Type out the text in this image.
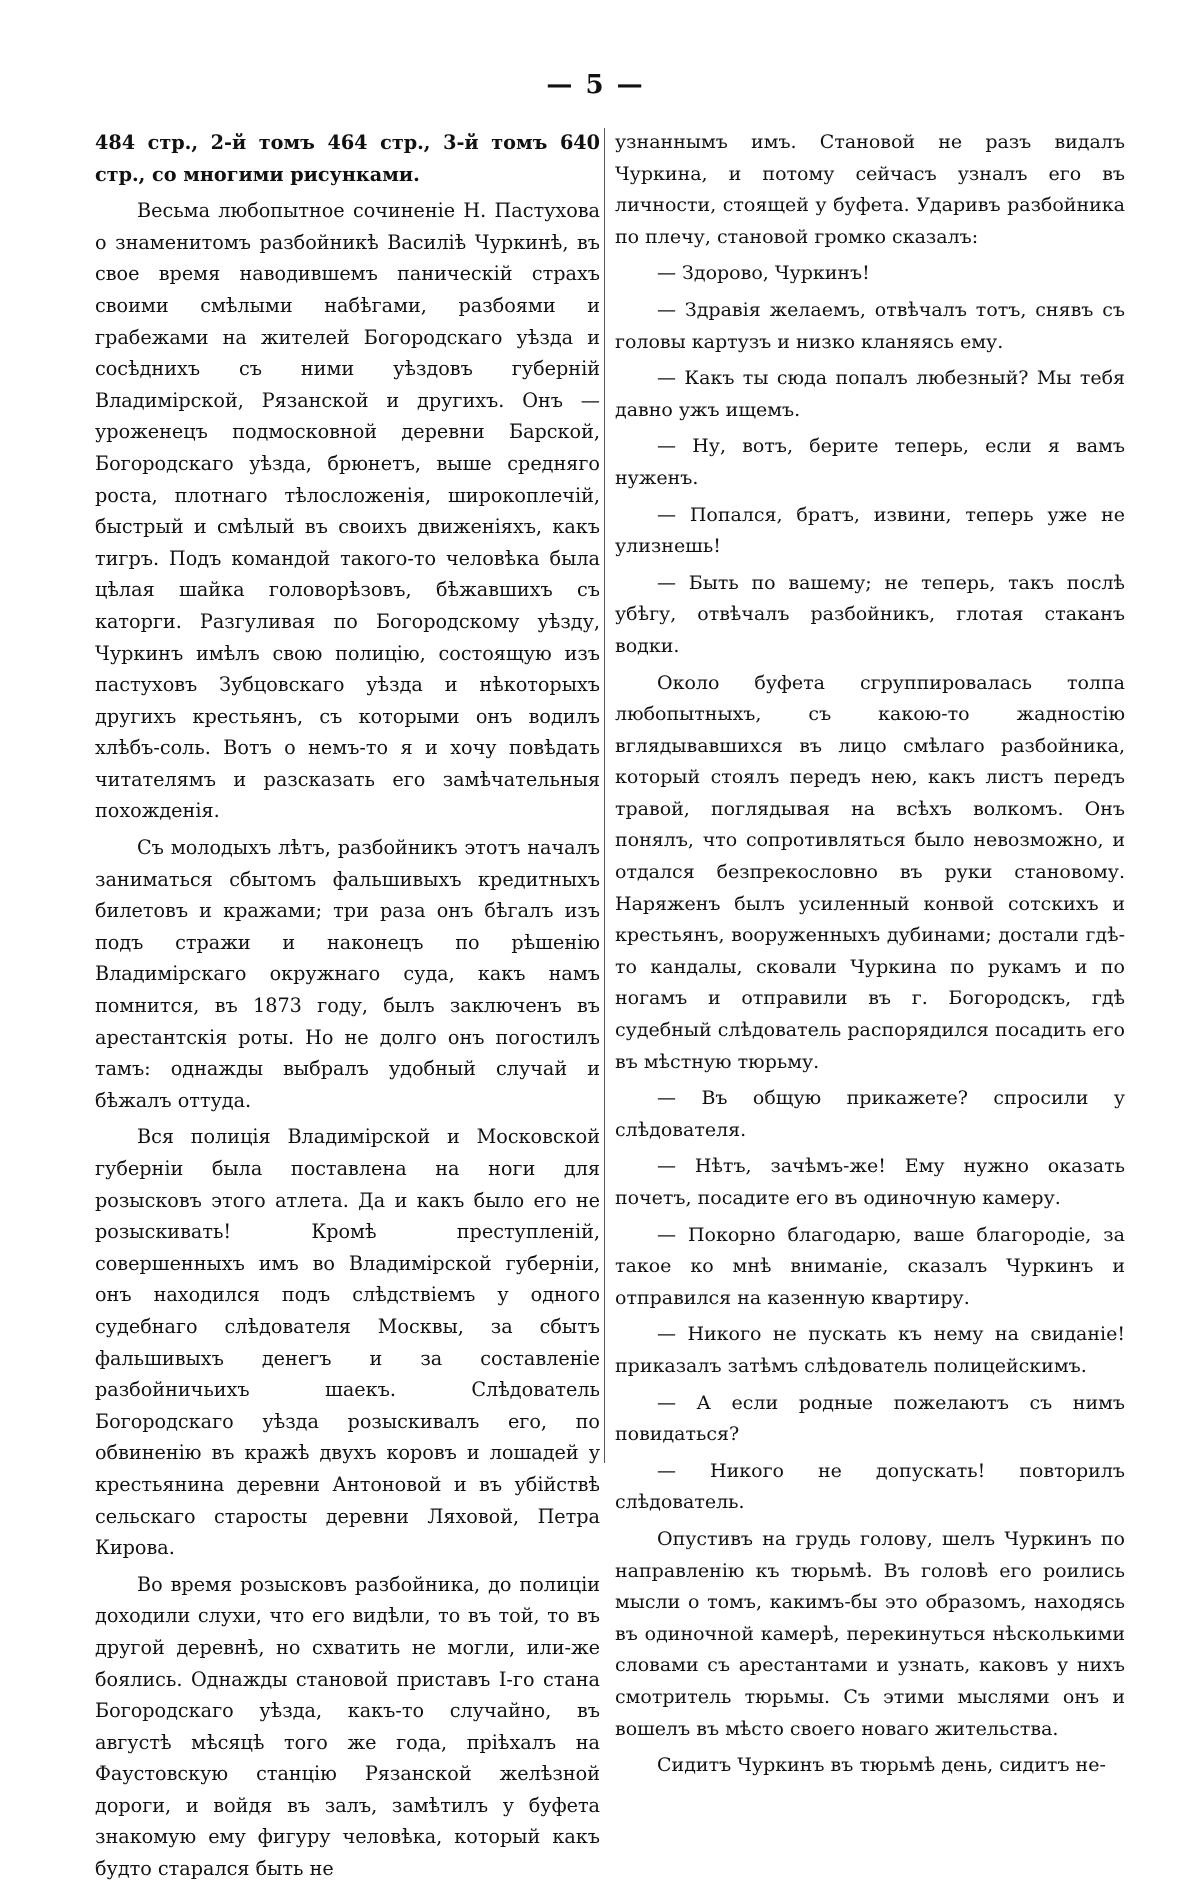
— 5 —

484 стр., 2-й томъ 464 стр., 3-й томъ 640 стр., со многими рисунками.

Весьма любопытное сочиненіе Н. Пастухова о знаменитомъ разбойникѣ Василіѣ Чуркинѣ, въ свое время наводившемъ паническій страхъ своими смѣлыми набѣгами, разбоями и грабежами на жителей Богородскаго уѣзда и сосѣднихъ съ ними уѣздовъ губерній Владимірской, Рязанской и другихъ. Онъ — уроженецъ подмосковной деревни Барской, Богородскаго уѣзда, брюнетъ, выше средняго роста, плотнаго тѣлосложенія, широкоплечій, быстрый и смѣлый въ своихъ движеніяхъ, какъ тигръ. Подъ командой такого-то человѣка была цѣлая шайка головорѣзовъ, бѣжавшихъ съ каторги. Разгуливая по Богородскому уѣзду, Чуркинъ имѣлъ свою полицію, состоящую изъ пастуховъ Зубцовскаго уѣзда и нѣкоторыхъ другихъ крестьянъ, съ которыми онъ водилъ хлѣбъ-соль. Вотъ о немъ-то я и хочу повѣдать читателямъ и разсказать его замѣчательныя похожденія.

Съ молодыхъ лѣтъ, разбойникъ этотъ началъ заниматься сбытомъ фальшивыхъ кредитныхъ билетовъ и кражами; три раза онъ бѣгалъ изъ подъ стражи и наконецъ по рѣшенію Владимірскаго окружнаго суда, какъ намъ помнится, въ 1873 году, былъ заключенъ въ арестантскія роты. Но не долго онъ погостилъ тамъ: однажды выбралъ удобный случай и бѣжалъ оттуда.

Вся полиція Владимірской и Московской губерніи была поставлена на ноги для розысковъ этого атлета. Да и какъ было его не розыскивать! Кромѣ преступленій, совершенныхъ имъ во Владимірской губерніи, онъ находился подъ слѣдствіемъ у одного судебнаго слѣдователя Москвы, за сбытъ фальшивыхъ денегъ и за составленіе разбойничьихъ шаекъ. Слѣдователь Богородскаго уѣзда розыскивалъ его, по обвиненію въ кражѣ двухъ коровъ и лошадей у крестьянина деревни Антоновой и въ убійствѣ сельскаго старосты деревни Ляховой, Петра Кирова.

Во время розысковъ разбойника, до полиціи доходили слухи, что его видѣли, то въ той, то въ другой деревнѣ, но схватить не могли, или-же боялись. Однажды становой приставъ I-го стана Богородскаго уѣзда, какъ-то случайно, въ августѣ мѣсяцѣ того же года, пріѣхалъ на Фаустовскую станцію Рязанской желѣзной дороги, и войдя въ залъ, замѣтилъ у буфета знакомую ему фигуру человѣка, который какъ будто старался быть не

узнаннымъ имъ. Становой не разъ видалъ Чуркина, и потому сейчасъ узналъ его въ личности, стоящей у буфета. Ударивъ разбойника по плечу, становой громко сказалъ:

— Здорово, Чуркинъ!

— Здравія желаемъ, отвѣчалъ тотъ, снявъ съ головы картузъ и низко кланяясь ему.

— Какъ ты сюда попалъ любезный? Мы тебя давно ужъ ищемъ.

— Ну, вотъ, берите теперь, если я вамъ нуженъ.

— Попался, братъ, извини, теперь уже не улизнешь!

— Быть по вашему; не теперь, такъ послѣ убѣгу, отвѣчалъ разбойникъ, глотая стаканъ водки.

Около буфета сгруппировалась толпа любопытныхъ, съ какою-то жадностію вглядывавшихся въ лицо смѣлаго разбойника, который стоялъ передъ нею, какъ листъ передъ травой, поглядывая на всѣхъ волкомъ. Онъ понялъ, что сопротивляться было невозможно, и отдался безпрекословно въ руки становому. Наряженъ былъ усиленный конвой сотскихъ и крестьянъ, вооруженныхъ дубинами; достали гдѣ-то кандалы, сковали Чуркина по рукамъ и по ногамъ и отправили въ г. Богородскъ, гдѣ судебный слѣдователь распорядился посадить его въ мѣстную тюрьму.

— Въ общую прикажете? спросили у слѣдователя.

— Нѣтъ, зачѣмъ-же! Ему нужно оказать почетъ, посадите его въ одиночную камеру.

— Покорно благодарю, ваше благородіе, за такое ко мнѣ вниманіе, сказалъ Чуркинъ и отправился на казенную квартиру.

— Никого не пускать къ нему на свиданіе! приказалъ затѣмъ слѣдователь полицейскимъ.

— А если родные пожелаютъ съ нимъ повидаться?

— Никого не допускать! повторилъ слѣдователь.

Опустивъ на грудь голову, шелъ Чуркинъ по направленію къ тюрьмѣ. Въ головѣ его роились мысли о томъ, какимъ-бы это образомъ, находясь въ одиночной камерѣ, перекинуться нѣсколькими словами съ арестантами и узнать, каковъ у нихъ смотритель тюрьмы. Съ этими мыслями онъ и вошелъ въ мѣсто своего новаго жительства.

Сидитъ Чуркинъ въ тюрьмѣ день, сидитъ не-
